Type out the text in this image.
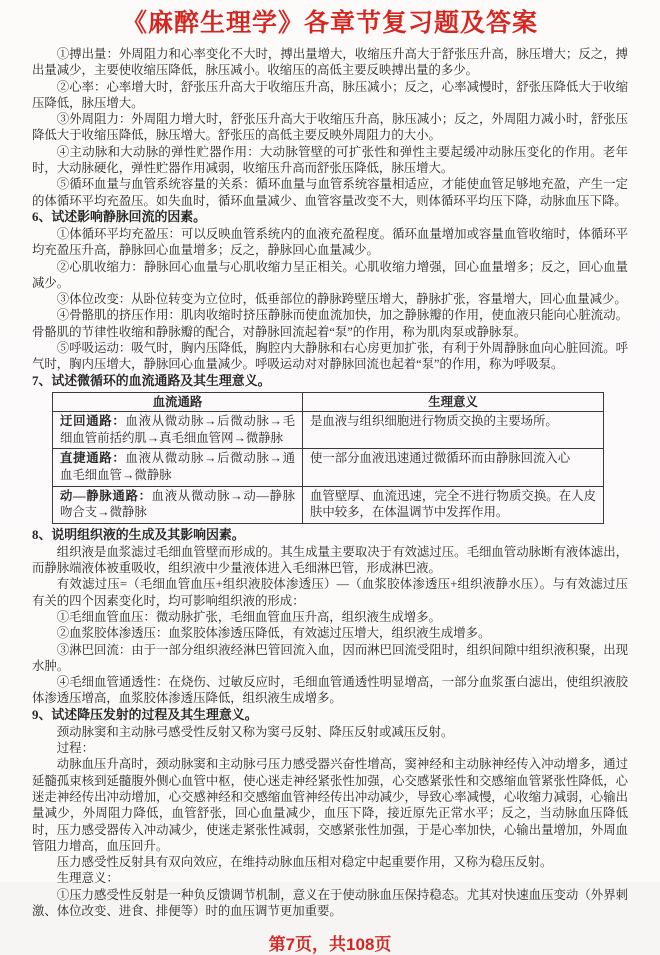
《麻醉生理学》各章节复习题及答案

①搏出量：外周阻力和心率变化不大时，搏出量增大，收缩压升高大于舒张压升高，脉压增大；反之，搏出量减少，主要使收缩压降低，脉压减小。收缩压的高低主要反映搏出量的多少。

②心率：心率增大时，舒张压升高大于收缩压升高，脉压减小；反之，心率减慢时，舒张压降低大于收缩压降低，脉压增大。

③外周阻力：外周阻力增大时，舒张压升高大于收缩压升高，脉压减小；反之，外周阻力减小时，舒张压降低大于收缩压降低，脉压增大。舒张压的高低主要反映外周阻力的大小。

④主动脉和大动脉的弹性贮器作用：大动脉管壁的可扩张性和弹性主要起缓冲动脉压变化的作用。老年时，大动脉硬化，弹性贮器作用减弱，收缩压升高而舒张压降低，脉压增大。

⑤循环血量与血管系统容量的关系：循环血量与血管系统容量相适应，才能使血管足够地充盈，产生一定的体循环平均充盈压。如失血时，循环血量减少、血管容量改变不大，则体循环平均压下降，动脉血压下降。

6、试述影响静脉回流的因素。

①体循环平均充盈压：可以反映血管系统内的血液充盈程度。循环血量增加或容量血管收缩时，体循环平均充盈压升高，静脉回心血量增多；反之，静脉回心血量减少。

②心肌收缩力：静脉回心血量与心肌收缩力呈正相关。心肌收缩力增强，回心血量增多；反之，回心血量减少。

③体位改变：从卧位转变为立位时，低垂部位的静脉跨壁压增大，静脉扩张，容量增大，回心血量减少。

④骨骼肌的挤压作用：肌肉收缩时挤压静脉而使血流加快，加之静脉瓣的作用，使血液只能向心脏流动。骨骼肌的节律性收缩和静脉瓣的配合，对静脉回流起着“泵”的作用，称为肌肉泵或静脉泵。

⑤呼吸运动：吸气时，胸内压降低，胸腔内大静脉和右心房更加扩张，有利于外周静脉血向心脏回流。呼气时，胸内压增大，静脉回心血量减少。呼吸运动对对静脉回流也起着“泵”的作用，称为呼吸泵。

7、试述微循环的血流通路及其生理意义。
血流通路	生理意义
迂回通路：血液从微动脉→后微动脉→毛细血管前括约肌→真毛细血管网→微静脉	是血液与组织细胞进行物质交换的主要场所。
直捷通路：血液从微动脉→后微动脉→通血毛细血管→微静脉	使一部分血液迅速通过微循环而由静脉回流入心
动—静脉通路：血液从微动脉→动—静脉吻合支→微静脉	血管壁厚、血流迅速，完全不进行物质交换。在人皮肤中较多，在体温调节中发挥作用。
8、说明组织液的生成及其影响因素。

组织液是血浆滤过毛细血管壁而形成的。其生成量主要取决于有效滤过压。毛细血管动脉断有液体滤出，而静脉端液体被重吸收，组织液中少量液体进入毛细淋巴管，形成淋巴液。

有效滤过压=（毛细血管血压+组织液胶体渗透压）—（血浆胶体渗透压+组织液静水压）。与有效滤过压有关的四个因素变化时，均可影响组织液的形成：

①毛细血管血压：微动脉扩张，毛细血管血压升高，组织液生成增多。

②血浆胶体渗透压：血浆胶体渗透压降低，有效滤过压增大，组织液生成增多。

③淋巴回流：由于一部分组织液经淋巴管回流入血，因而淋巴回流受阻时，组织间隙中组织液积聚，出现水肿。

④毛细血管通透性：在烧伤、过敏反应时，毛细血管通透性明显增高，一部分血浆蛋白滤出，使组织液胶体渗透压增高，血浆胶体渗透压降低，组织液生成增多。

9、试述降压发射的过程及其生理意义。

颈动脉窦和主动脉弓感受性反射又称为窦弓反射、降压反射或减压反射。

过程：

动脉血压升高时，颈动脉窦和主动脉弓压力感受器兴奋性增高，窦神经和主动脉神经传入冲动增多，通过延髓孤束核到延髓腹外侧心血管中枢，使心迷走神经紧张性加强，心交感紧张性和交感缩血管紧张性降低，心迷走神经传出冲动增加，心交感神经和交感缩血管神经传出冲动减少，导致心率减慢，心收缩力减弱，心输出量减少，外周阻力降低，血管舒张，回心血量减少，血压下降，接近原先正常水平；反之，当动脉血压降低时，压力感受器传入冲动减少，使迷走紧张性减弱，交感紧张性加强，于是心率加快，心输出量增加，外周血管阻力增高，血压回升。

压力感受性反射具有双向效应，在维持动脉血压相对稳定中起重要作用，又称为稳压反射。

生理意义：

①压力感受性反射是一种负反馈调节机制，意义在于使动脉血压保持稳态。尤其对快速血压变动（外界刺激、体位改变、进食、排便等）时的血压调节更加重要。

第7页，共108页
